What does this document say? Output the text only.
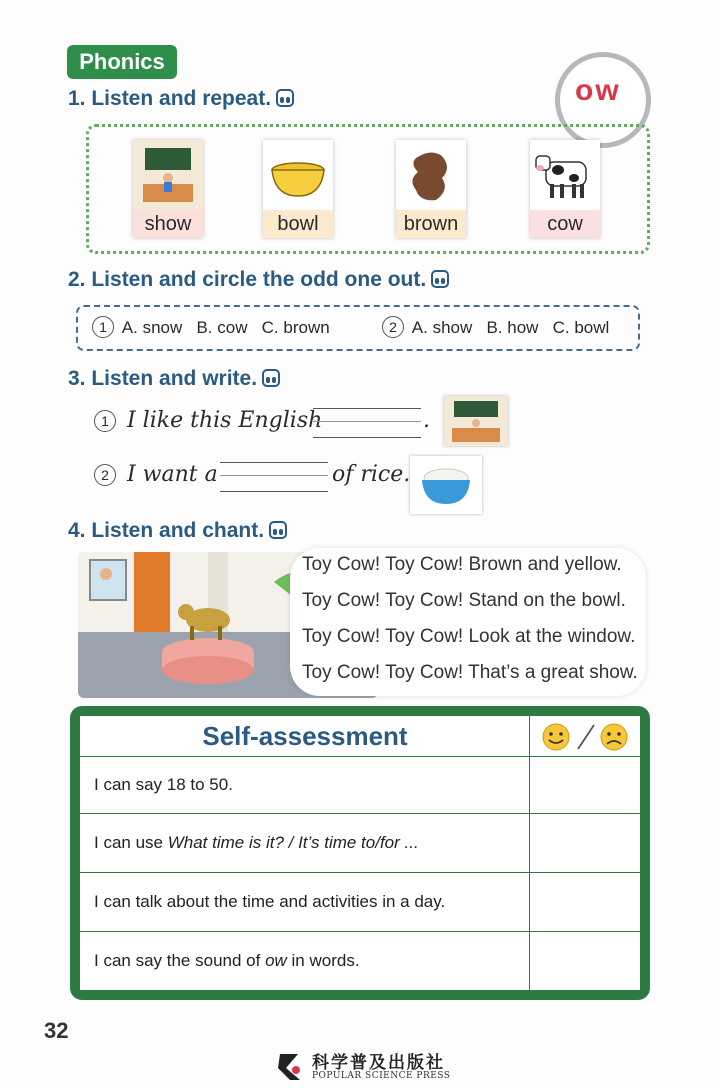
Phonics
1. Listen and repeat.	ow
show	bowl	brown	cow
2. Listen and circle the odd one out.
1 A. snow B. cow C. brown	2 A. show B. how C. bowl
3. Listen and write.
1 I like this English	.
2 I want a	of rice.
4. Listen and chant.
Toy Cow! Toy Cow! Brown and yellow.
Toy Cow! Toy Cow! Stand on the bowl.
Toy Cow! Toy Cow! Look at the window.
Toy Cow! Toy Cow! That’s a great show.
Self-assessment
I can say 18 to 50.
I can use What time is it? / It’s time to/for ...
I can talk about the time and activities in a day.
I can say the sound of ow in words.
32
科学普及出版社
POPULAR SCIENCE PRESS
